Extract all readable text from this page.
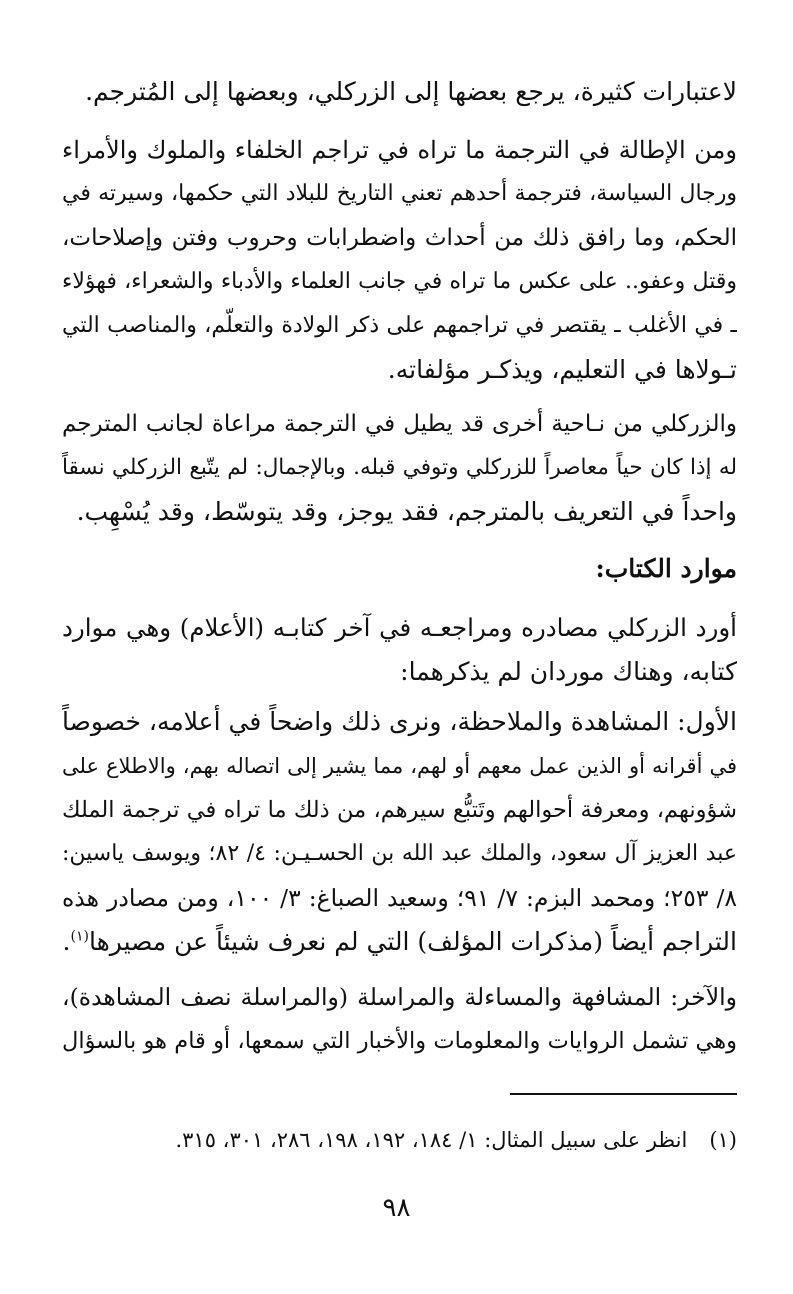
لاعتبارات كثيرة، يرجع بعضها إلى الزركلي، وبعضها إلى المُترجم.

ومن الإطالة في الترجمة ما تراه في تراجم الخلفاء والملوك والأمراء
ورجال السياسة، فترجمة أحدهم تعني التاريخ للبلاد التي حكمها، وسيرته في
الحكم، وما رافق ذلك من أحداث واضطرابات وحروب وفتن وإصلاحات،
وقتل وعفو.. على عكس ما تراه في جانب العلماء والأدباء والشعراء، فهؤلاء
ـ في الأغلب ـ يقتصر في تراجمهم على ذكر الولادة والتعلّم، والمناصب التي
تـولاها في التعليم، ويذكـر مؤلفاته.

والزركلي من نـاحية أخرى قد يطيل في الترجمة مراعاة لجانب المترجم
له إذا كان حياً معاصراً للزركلي وتوفي قبله. وبالإجمال: لم يتّبع الزركلي نسقاً
واحداً في التعريف بالمترجم، فقد يوجز، وقد يتوسّط، وقد يُسْهِب.

موارد الكتاب:

أورد الزركلي مصادره ومراجعـه في آخر كتابـه (الأعلام) وهي موارد
كتابه، وهناك موردان لم يذكرهما:

الأول: المشاهدة والملاحظة، ونرى ذلك واضحاً في أعلامه، خصوصاً
في أقرانه أو الذين عمل معهم أو لهم، مما يشير إلى اتصاله بهم، والاطلاع على
شؤونهم، ومعرفة أحوالهم وتَتبُّع سيرهم، من ذلك ما تراه في ترجمة الملك
عبد العزيز آل سعود، والملك عبد الله بن الحسـيـن: ٤/ ٨٢؛ ويوسف ياسين:
٨/ ٢٥٣؛ ومحمد البزم: ٧/ ٩١؛ وسعيد الصباغ: ٣/ ١٠٠، ومن مصادر هذه
التراجم أيضاً (مذكرات المؤلف) التي لم نعرف شيئاً عن مصيرها$^{(١)}$.

والآخر: المشافهة والمساءلة والمراسلة (والمراسلة نصف المشاهدة)،
وهي تشمل الروايات والمعلومات والأخبار التي سمعها، أو قام هو بالسؤال

(١)انظر على سبيل المثال: ١/ ١٨٤، ١٩٢، ١٩٨، ٢٨٦، ٣٠١، ٣١٥.
٩٨
